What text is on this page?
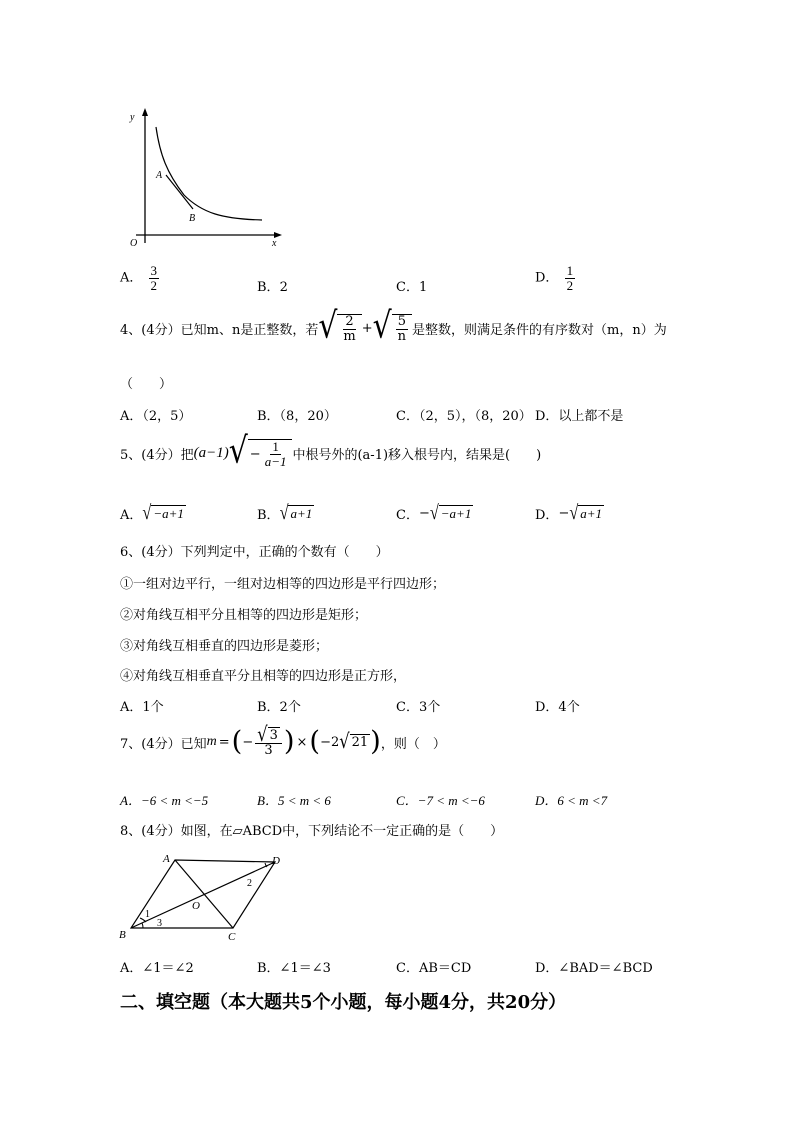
y
x
O
A
B
A． $\frac{3}{2}$	B．2	C．1
D． $\frac{1}{2}$
4、(4分）已知m、n是正整数，若 √ $\frac{2}{m}$ + √ $\frac{5}{n}$ 是整数，则满足条件的有序数对（m，n）为
（　　）
A．（2，5）	B．（8，20）	C．（2，5），（8，20） D．以上都不是
5、(4分）把 (a−1) √ − $\frac{1}{a-1}$ 中根号外的(a-1)移入根号内，结果是(　　)
A． √ −a+1	B． √ a+1	C． − √ −a+1	D． − √ a+1
6、(4分）下列判定中，正确的个数有（　　）
①一组对边平行，一组对边相等的四边形是平行四边形；
②对角线互相平分且相等的四边形是矩形；
③对角线互相垂直的四边形是菱形；
④对角线互相垂直平分且相等的四边形是正方形，
A．1个	B．2个	C．3个	D．4个
7、(4分）已知 m = ( − $\frac{√ 3}{3}$ ) × ( −2 √ 21 ) ，则（　）
A．−6 < m <−5	B．5 < m < 6	C．−7 < m <−6	D．6 < m <7
8、(4分）如图，在▱ABCD中，下列结论不一定正确的是（　　）
A
B	C
D
O
1
2
3
A．∠1＝∠2	B．∠1＝∠3	C．AB＝CD	D．∠BAD＝∠BCD
二、填空题（本大题共5个小题，每小题4分，共20分）
